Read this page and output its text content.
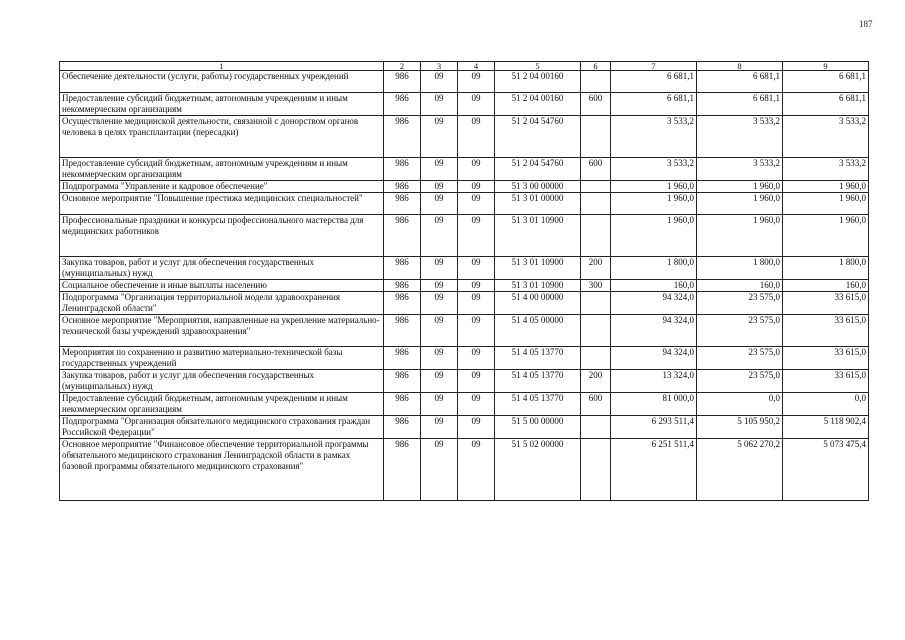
187
1	2	3	4	5	6	7	8	9
Обеспечение деятельности (услуги, работы) государственных учреждений	986	09	09	51 2 04 00160		6 681,1	6 681,1	6 681,1
Предоставление субсидий бюджетным, автономным учреждениям и иным некоммерческим организациям	986	09	09	51 2 04 00160	600	6 681,1	6 681,1	6 681,1
Осуществление медицинской деятельности, связанной с донорством органов человека в целях трансплантации (пересадки)	986	09	09	51 2 04 54760		3 533,2	3 533,2	3 533,2
Предоставление субсидий бюджетным, автономным учреждениям и иным некоммерческим организациям	986	09	09	51 2 04 54760	600	3 533,2	3 533,2	3 533,2
Подпрограмма "Управление и кадровое обеспечение"	986	09	09	51 3 00 00000		1 960,0	1 960,0	1 960,0
Основное мероприятие "Повышение престижа медицинских специальностей"	986	09	09	51 3 01 00000		1 960,0	1 960,0	1 960,0
Профессиональные праздники и конкурсы профессионального мастерства для медицинских работников	986	09	09	51 3 01 10900		1 960,0	1 960,0	1 960,0
Закупка товаров, работ и услуг для обеспечения государственных (муниципальных) нужд	986	09	09	51 3 01 10900	200	1 800,0	1 800,0	1 800,0
Социальное обеспечение и иные выплаты населению	986	09	09	51 3 01 10900	300	160,0	160,0	160,0
Подпрограмма "Организация территориальной модели здравоохранения Ленинградской области"	986	09	09	51 4 00 00000		94 324,0	23 575,0	33 615,0
Основное мероприятие "Мероприятия, направленные на укрепление материально-технической базы учреждений здравоохранения"	986	09	09	51 4 05 00000		94 324,0	23 575,0	33 615,0
Мероприятия по сохранению и развитию материально-технической базы государственных учреждений	986	09	09	51 4 05 13770		94 324,0	23 575,0	33 615,0
Закупка товаров, работ и услуг для обеспечения государственных (муниципальных) нужд	986	09	09	51 4 05 13770	200	13 324,0	23 575,0	33 615,0
Предоставление субсидий бюджетным, автономным учреждениям и иным некоммерческим организациям	986	09	09	51 4 05 13770	600	81 000,0	0,0	0,0
Подпрограмма "Организация обязательного медицинского страхования граждан Российской Федерации"	986	09	09	51 5 00 00000		6 293 511,4	5 105 950,2	5 118 902,4
Основное мероприятие "Финансовое обеспечение территориальной программы обязательного медицинского страхования Ленинградской области в рамках базовой программы обязательного медицинского страхования"	986	09	09	51 5 02 00000		6 251 511,4	5 062 270,2	5 073 475,4
